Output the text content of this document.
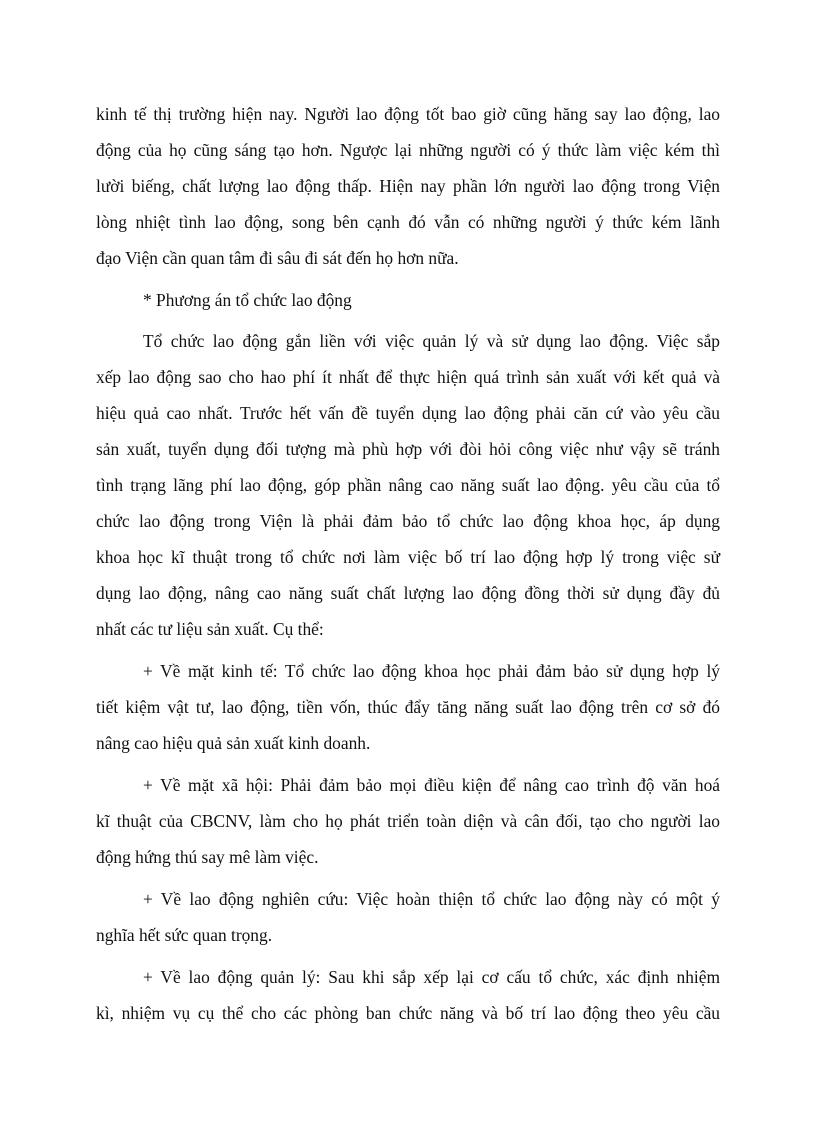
kinh tế thị trường hiện nay. Người lao động tốt bao giờ cũng hăng say lao động, lao

động của họ cũng sáng tạo hơn. Ngược lại những người có ý thức làm việc kém thì

lười biếng, chất lượng lao động thấp. Hiện nay phần lớn người lao động trong Viện

lòng nhiệt tình lao động, song bên cạnh đó vẫn có những người ý thức kém lãnh

đạo Viện cần quan tâm đi sâu đi sát đến họ hơn nữa.

* Phương án tổ chức lao động

Tổ chức lao động gắn liền với việc quản lý và sử dụng lao động. Việc sắp

xếp lao động sao cho hao phí ít nhất để thực hiện quá trình sản xuất với kết quả và

hiệu quả cao nhất. Trước hết vấn đề tuyển dụng lao động phải căn cứ vào yêu cầu

sản xuất, tuyển dụng đối tượng mà phù hợp với đòi hỏi công việc như vậy sẽ tránh

tình trạng lãng phí lao động, góp phần nâng cao năng suất lao động. yêu cầu của tổ

chức lao động trong Viện là phải đảm bảo tổ chức lao động khoa học, áp dụng

khoa học kĩ thuật trong tổ chức nơi làm việc bố trí lao động hợp lý trong việc sử

dụng lao động, nâng cao năng suất chất lượng lao động đồng thời sử dụng đầy đủ

nhất các tư liệu sản xuất. Cụ thể:

+ Về mặt kinh tế: Tổ chức lao động khoa học phải đảm bảo sử dụng hợp lý

tiết kiệm vật tư, lao động, tiền vốn, thúc đẩy tăng năng suất lao động trên cơ sở đó

nâng cao hiệu quả sản xuất kinh doanh.

+ Về mặt xã hội: Phải đảm bảo mọi điều kiện để nâng cao trình độ văn hoá

kĩ thuật của CBCNV, làm cho họ phát triển toàn diện và cân đối, tạo cho người lao

động hứng thú say mê làm việc.

+ Về lao động nghiên cứu: Việc hoàn thiện tổ chức lao động này có một ý

nghĩa hết sức quan trọng.

+ Về lao động quản lý: Sau khi sắp xếp lại cơ cấu tổ chức, xác định nhiệm

kì, nhiệm vụ cụ thể cho các phòng ban chức năng và bố trí lao động theo yêu cầu
